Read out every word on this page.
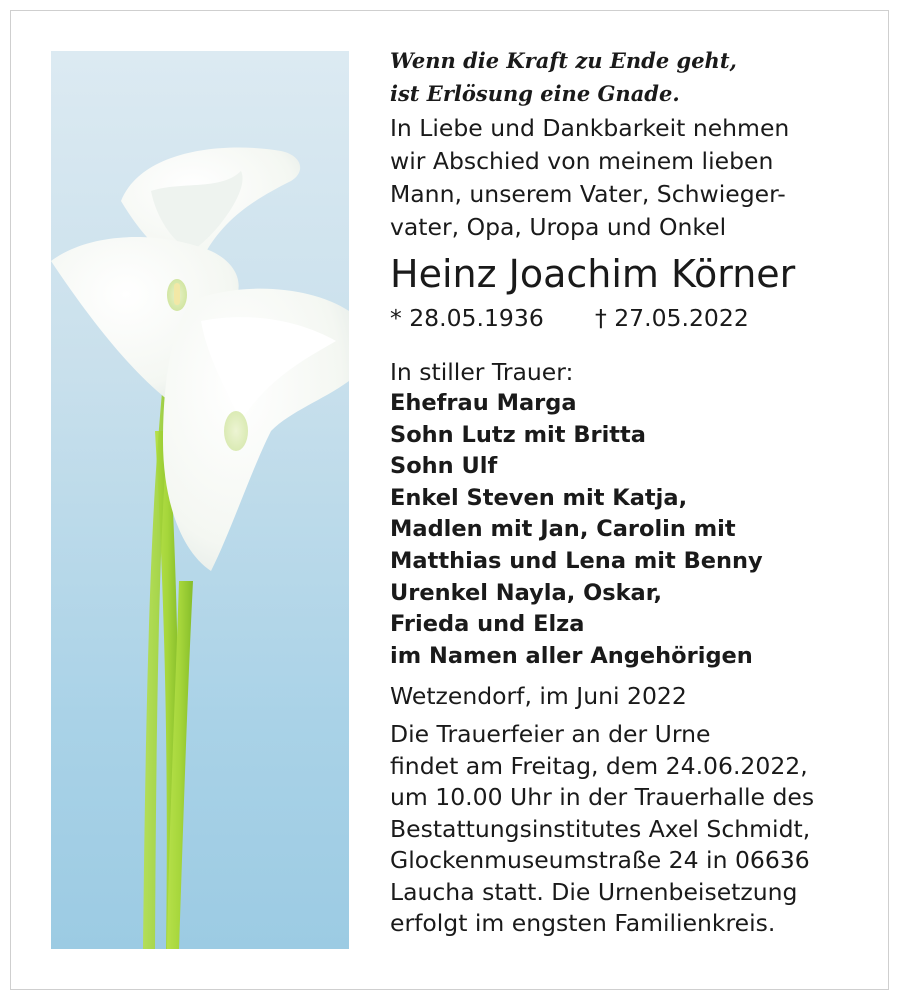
Wenn die Kraft zu Ende geht,
ist Erlösung eine Gnade.

In Liebe und Dankbarkeit nehmen
wir Abschied von meinem lieben
Mann, unserem Vater, Schwieger-
vater, Opa, Uropa und Onkel

Heinz Joachim Körner

* 28.05.1936	† 27.05.2022

In stiller Trauer:

Ehefrau Marga
Sohn Lutz mit Britta
Sohn Ulf
Enkel Steven mit Katja,
Madlen mit Jan, Carolin mit
Matthias und Lena mit Benny
Urenkel Nayla, Oskar,
Frieda und Elza
im Namen aller Angehörigen

Wetzendorf, im Juni 2022

Die Trauerfeier an der Urne
findet am Freitag, dem 24.06.2022,
um 10.00 Uhr in der Trauerhalle des
Bestattungsinstitutes Axel Schmidt,
Glockenmuseumstraße 24 in 06636
Laucha statt. Die Urnenbeisetzung
erfolgt im engsten Familienkreis.
